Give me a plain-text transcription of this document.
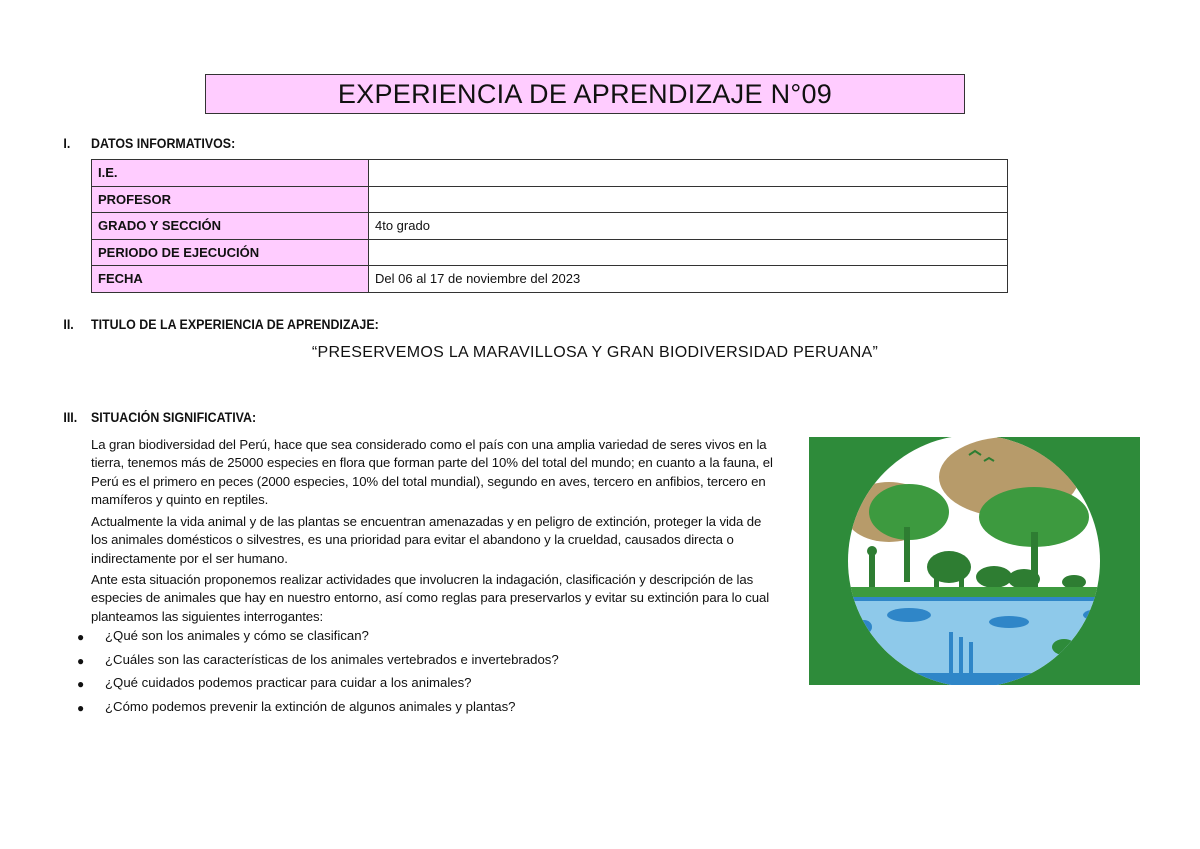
EXPERIENCIA DE APRENDIZAJE N°09
I. DATOS INFORMATIVOS:
I.E.	
PROFESOR	
GRADO Y SECCIÓN	4to grado
PERIODO DE EJECUCIÓN	
FECHA	Del 06 al 17 de noviembre del 2023
II. TITULO DE LA EXPERIENCIA DE APRENDIZAJE:
“PRESERVEMOS LA MARAVILLOSA Y GRAN BIODIVERSIDAD PERUANA”
III. SITUACIÓN SIGNIFICATIVA:

La gran biodiversidad del Perú, hace que sea considerado como el país con una amplia variedad de seres vivos en la tierra, tenemos más de 25000 especies en flora que forman parte del 10% del total del mundo; en cuanto a la fauna, el Perú es el primero en peces (2000 especies, 10% del total mundial), segundo en aves, tercero en anfibios, tercero en mamíferos y quinto en reptiles.

Actualmente la vida animal y de las plantas se encuentran amenazadas y en peligro de extinción, proteger la vida de los animales domésticos o silvestres, es una prioridad para evitar el abandono y la crueldad, causados directa o indirectamente por el ser humano.

Ante esta situación proponemos realizar actividades que involucren la indagación, clasificación y descripción de las especies de animales que hay en nuestro entorno, así como reglas para preservarlos y evitar su extinción para lo cual planteamos las siguientes interrogantes:

●	¿Qué son los animales y cómo se clasifican?
●	¿Cuáles son las características de los animales vertebrados e invertebrados?
●	¿Qué cuidados podemos practicar para cuidar a los animales?
●	¿Cómo podemos prevenir la extinción de algunos animales y plantas?
